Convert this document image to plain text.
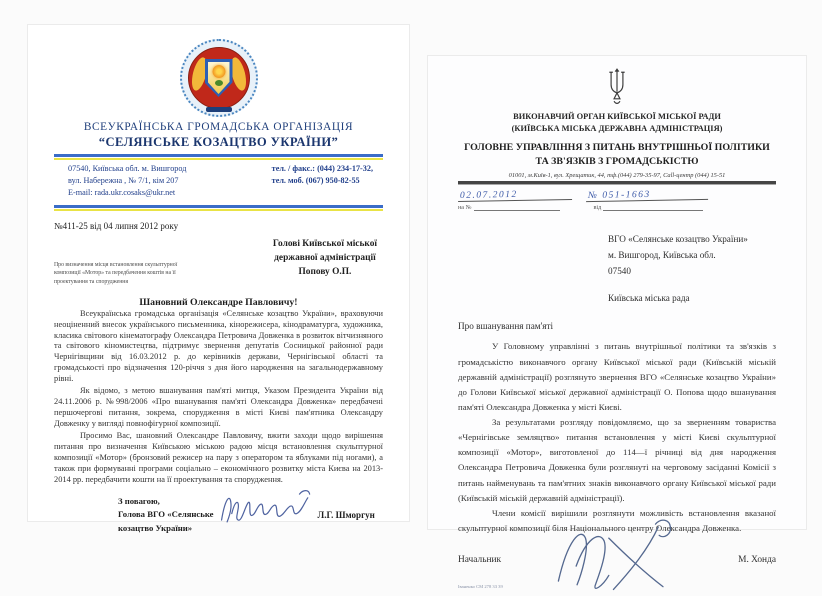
ВСЕУКРАЇНСЬКА ГРОМАДСЬКА ОРГАНІЗАЦІЯ
“СЕЛЯНСЬКЕ КОЗАЦТВО УКРАЇНИ”
07540, Київська обл. м. Вишгород
вул. Набережна , № 7/1, кім 207
E-mail: rada.ukr.cosaks@ukr.net
тел. / факс.: (044) 234-17-32,
тел. моб. (067) 950-82-55
№411-25 від 04 липня 2012 року
Про визначення місця встановлення скульптурної
композиції «Мотор» та передбачення коштів на її
проектування та спорудження
Голові Київської міської
державної адміністрації
Попову О.П.
Шановний Олександре Павловичу!

Всеукраїнська громадська організація «Селянське козацтво України», враховуючи неоціненний внесок українського письменника, кінорежисера, кінодраматурга, художника, класика світового кінематографу Олександра Петровича Довженка в розвиток вітчизняного та світового кіномистецтва, підтримує звернення депутатів Сосницької районної ради Чернігівщини від 16.03.2012 р. до керівників держави, Чернігівської області та громадськості про відзначення 120-річчя з дня його народження на загальнодержавному рівні.

Як відомо, з метою вшанування пам'яті митця, Указом Президента України від 24.11.2006 р. №998/2006 «Про вшанування пам'яті Олександра Довженка» передбачені першочергові питання, зокрема, спорудження в місті Києві пам'ятника Олександру Довженку у вигляді повнофігурної композиції.

Просимо Вас, шановний Олександре Павловичу, вжити заходи щодо вирішення питання про визначення Київською міською радою місця встановлення скульптурної композиції «Мотор» (бронзовий режисер на пару з оператором та яблуками під ногами), а також при формуванні програми соціально – економічного розвитку міста Києва на 2013-2014 рр. передбачити кошти на її проектування та спорудження.

З повагою,
Голова ВГО «Селянське
козацтво України»
Л.Г. Шморгун
ВИКОНАВЧИЙ ОРГАН КИЇВСЬКОЇ МІСЬКОЇ РАДИ
(КИЇВСЬКА МІСЬКА ДЕРЖАВНА АДМІНІСТРАЦІЯ)
ГОЛОВНЕ УПРАВЛІННЯ З ПИТАНЬ ВНУТРІШНЬОЇ ПОЛІТИКИ
ТА ЗВ'ЯЗКІВ З ГРОМАДСЬКІСТЮ
01001, м.Київ-1, вул. Хрещатик, 44, тф.(044) 279-35-97, Call-центр (044) 15-51
02.07.2012	№ 051-1663
на №	від
ВГО «Селянське козацтво України»
м. Вишгород, Київська обл.
07540
Київська міська рада
Про вшанування пам'яті

У Головному управлінні з питань внутрішньої політики та зв'язків з громадськістю виконавчого органу Київської міської ради (Київській міській державній адміністрації) розглянуто звернення ВГО «Селянське козацтво України» до Голови Київської міської державної адміністрації О. Попова щодо вшанування пам'яті Олександра Довженка у місті Києві.

За результатами розгляду повідомляємо, що за зверненням товариства «Чернігівське земляцтво» питання встановлення у місті Києві скульптурної композиції «Мотор», виготовленої до 114—ї річниці від дня народження Олександра Петровича Довженка були розглянуті на черговому засіданні Комісії з питань найменувань та пам'ятних знаків виконавчого органу Київської міської ради (Київській міській державній адміністрації).

Члени комісії вирішили розглянути можливість встановлення вказаної скульптурної композиції біля Національного центру Олександра Довженка.

Начальник	М. Хонда
Іваненко СМ 278 33 39
